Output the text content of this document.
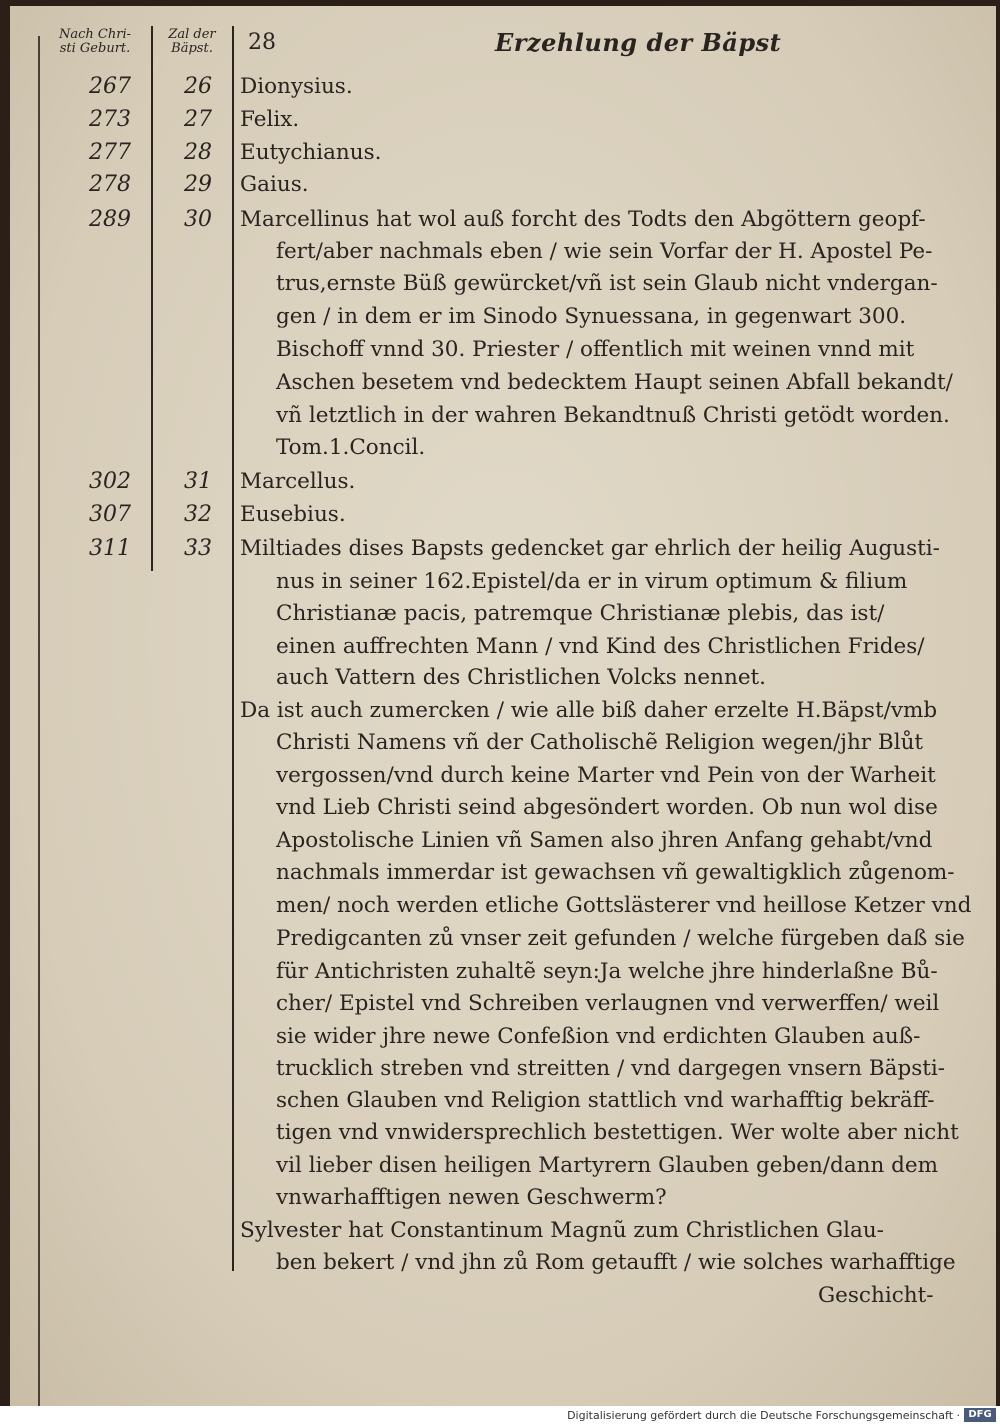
Nach Chri-
sti Geburt.
Zal der
Bäpst.	28	Erzehlung der Bäpst
267	26	Dionysius.
273	27	Felix.
277	28	Eutychianus.
278	29	Gaius.
289	30	Marcellinus hat wol auß forcht des Todts den Abgöttern geopf-
fert/aber nachmals eben / wie sein Vorfar der H. Apostel Pe-
trus,ernste Büß gewürcket/vñ ist sein Glaub nicht vndergan-
gen / in dem er im Sinodo Synuessana, in gegenwart 300.
Bischoff vnnd 30. Priester / offentlich mit weinen vnnd mit
Aschen besetem vnd bedecktem Haupt seinen Abfall bekandt/
vñ letztlich in der wahren Bekandtnuß Christi getödt worden.
Tom.1.Concil.
302	31	Marcellus.
307	32	Eusebius.
311	33	Miltiades dises Bapsts gedencket gar ehrlich der heilig Augusti-
nus in seiner 162.Epistel/da er in virum optimum & filium
Christianæ pacis, patremque Christianæ plebis, das ist/
einen auffrechten Mann / vnd Kind des Christlichen Frides/
auch Vattern des Christlichen Volcks nennet.
Da ist auch zumercken / wie alle biß daher erzelte H.Bäpst/vmb
Christi Namens vñ der Catholischẽ Religion wegen/jhr Blůt
vergossen/vnd durch keine Marter vnd Pein von der Warheit
vnd Lieb Christi seind abgesöndert worden. Ob nun wol dise
Apostolische Linien vñ Samen also jhren Anfang gehabt/vnd
nachmals immerdar ist gewachsen vñ gewaltigklich zůgenom-
men/ noch werden etliche Gottslästerer vnd heillose Ketzer vnd
Predigcanten zů vnser zeit gefunden / welche fürgeben daß sie
für Antichristen zuhaltẽ seyn:Ja welche jhre hinderlaßne Bů-
cher/ Epistel vnd Schreiben verlaugnen vnd verwerffen/ weil
sie wider jhre newe Confeßion vnd erdichten Glauben auß-
trucklich streben vnd streitten / vnd dargegen vnsern Bäpsti-
schen Glauben vnd Religion stattlich vnd warhafftig bekräff-
tigen vnd vnwidersprechlich bestettigen. Wer wolte aber nicht
vil lieber disen heiligen Martyrern Glauben geben/dann dem
vnwarhafftigen newen Geschwerm?
Sylvester hat Constantinum Magnũ zum Christlichen Glau-
ben bekert / vnd jhn zů Rom getaufft / wie solches warhafftige
Geschicht-
Digitalisierung gefördert durch die Deutsche Forschungsgemeinschaft · DFG
